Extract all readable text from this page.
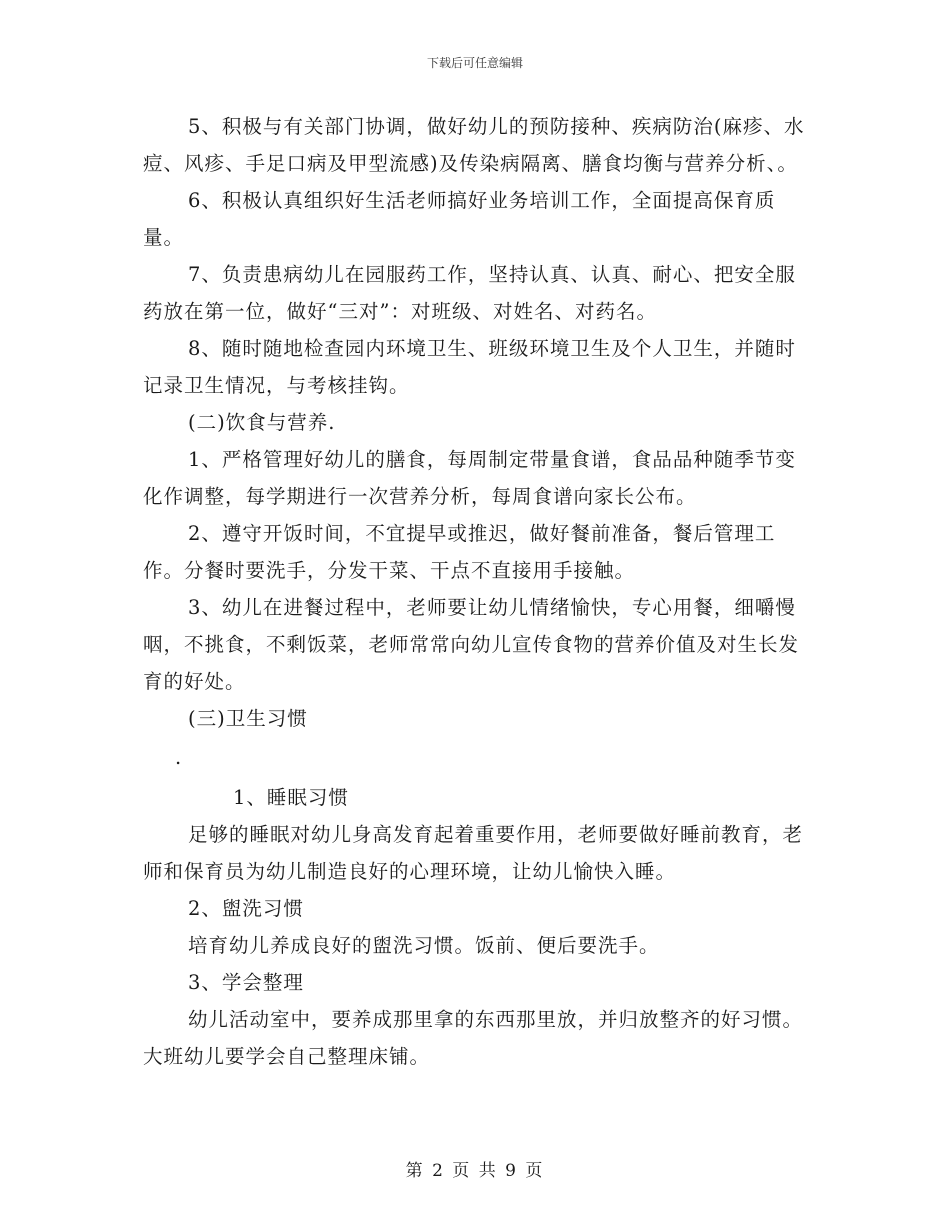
下载后可任意编辑

5、积极与有关部门协调，做好幼儿的预防接种、疾病防治(麻疹、水痘、风疹、手足口病及甲型流感)及传染病隔离、膳食均衡与营养分析、。

6、积极认真组织好生活老师搞好业务培训工作，全面提高保育质量。

7、负责患病幼儿在园服药工作，坚持认真、认真、耐心、把安全服药放在第一位，做好“三对”：对班级、对姓名、对药名。

8、随时随地检查园内环境卫生、班级环境卫生及个人卫生，并随时记录卫生情况，与考核挂钩。

(二)饮食与营养.

1、严格管理好幼儿的膳食，每周制定带量食谱，食品品种随季节变化作调整，每学期进行一次营养分析，每周食谱向家长公布。

2、遵守开饭时间，不宜提早或推迟，做好餐前准备，餐后管理工作。分餐时要洗手，分发干菜、干点不直接用手接触。

3、幼儿在进餐过程中，老师要让幼儿情绪愉快，专心用餐，细嚼慢咽，不挑食，不剩饭菜，老师常常向幼儿宣传食物的营养价值及对生长发育的好处。

(三)卫生习惯

.

1、睡眠习惯

足够的睡眠对幼儿身高发育起着重要作用，老师要做好睡前教育，老师和保育员为幼儿制造良好的心理环境，让幼儿愉快入睡。

2、盥洗习惯

培育幼儿养成良好的盥洗习惯。饭前、便后要洗手。

3、学会整理

幼儿活动室中，要养成那里拿的东西那里放，并归放整齐的好习惯。大班幼儿要学会自己整理床铺。

第 2 页 共 9 页
